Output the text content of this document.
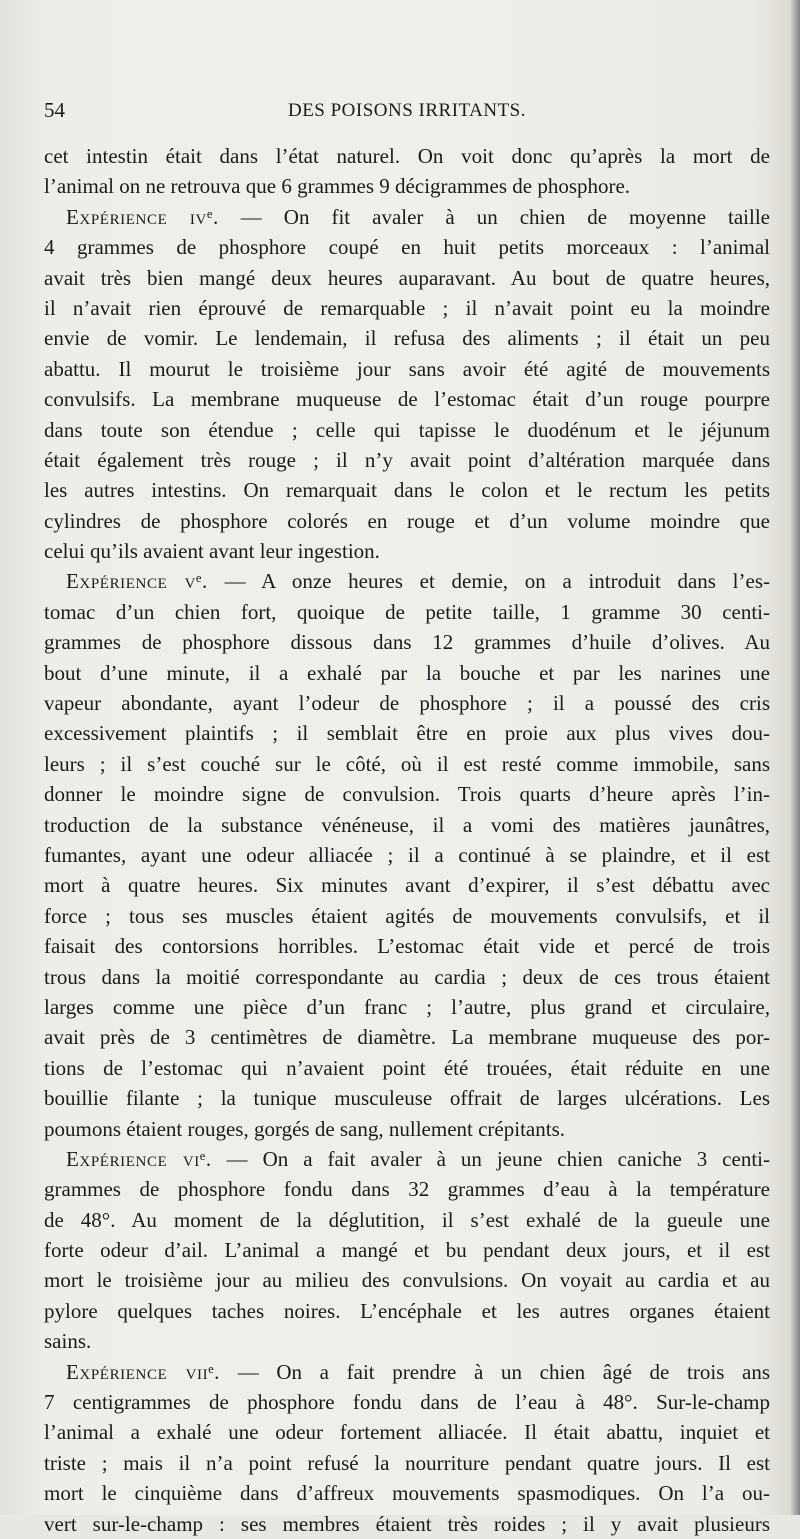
54	DES POISONS IRRITANTS.
cet intestin était dans l’état naturel. On voit donc qu’après la mort de
l’animal on ne retrouva que 6 grammes 9 décigrammes de phosphore.
Expérience ivᵉ. — On fit avaler à un chien de moyenne taille
4 grammes de phosphore coupé en huit petits morceaux : l’animal
avait très bien mangé deux heures auparavant. Au bout de quatre heures,
il n’avait rien éprouvé de remarquable ; il n’avait point eu la moindre
envie de vomir. Le lendemain, il refusa des aliments ; il était un peu
abattu. Il mourut le troisième jour sans avoir été agité de mouvements
convulsifs. La membrane muqueuse de l’estomac était d’un rouge pourpre
dans toute son étendue ; celle qui tapisse le duodénum et le jéjunum
était également très rouge ; il n’y avait point d’altération marquée dans
les autres intestins. On remarquait dans le colon et le rectum les petits
cylindres de phosphore colorés en rouge et d’un volume moindre que
celui qu’ils avaient avant leur ingestion.
Expérience vᵉ. — A onze heures et demie, on a introduit dans l’es-
tomac d’un chien fort, quoique de petite taille, 1 gramme 30 centi-
grammes de phosphore dissous dans 12 grammes d’huile d’olives. Au
bout d’une minute, il a exhalé par la bouche et par les narines une
vapeur abondante, ayant l’odeur de phosphore ; il a poussé des cris
excessivement plaintifs ; il semblait être en proie aux plus vives dou-
leurs ; il s’est couché sur le côté, où il est resté comme immobile, sans
donner le moindre signe de convulsion. Trois quarts d’heure après l’in-
troduction de la substance vénéneuse, il a vomi des matières jaunâtres,
fumantes, ayant une odeur alliacée ; il a continué à se plaindre, et il est
mort à quatre heures. Six minutes avant d’expirer, il s’est débattu avec
force ; tous ses muscles étaient agités de mouvements convulsifs, et il
faisait des contorsions horribles. L’estomac était vide et percé de trois
trous dans la moitié correspondante au cardia ; deux de ces trous étaient
larges comme une pièce d’un franc ; l’autre, plus grand et circulaire,
avait près de 3 centimètres de diamètre. La membrane muqueuse des por-
tions de l’estomac qui n’avaient point été trouées, était réduite en une
bouillie filante ; la tunique musculeuse offrait de larges ulcérations. Les
poumons étaient rouges, gorgés de sang, nullement crépitants.
Expérience viᵉ. — On a fait avaler à un jeune chien caniche 3 centi-
grammes de phosphore fondu dans 32 grammes d’eau à la température
de 48°. Au moment de la déglutition, il s’est exhalé de la gueule une
forte odeur d’ail. L’animal a mangé et bu pendant deux jours, et il est
mort le troisième jour au milieu des convulsions. On voyait au cardia et au
pylore quelques taches noires. L’encéphale et les autres organes étaient
sains.
Expérience viiᵉ. — On a fait prendre à un chien âgé de trois ans
7 centigrammes de phosphore fondu dans de l’eau à 48°. Sur-le-champ
l’animal a exhalé une odeur fortement alliacée. Il était abattu, inquiet et
triste ; mais il n’a point refusé la nourriture pendant quatre jours. Il est
mort le cinquième dans d’affreux mouvements spasmodiques. On l’a ou-
vert sur-le-champ : ses membres étaient très roides ; il y avait plusieurs
